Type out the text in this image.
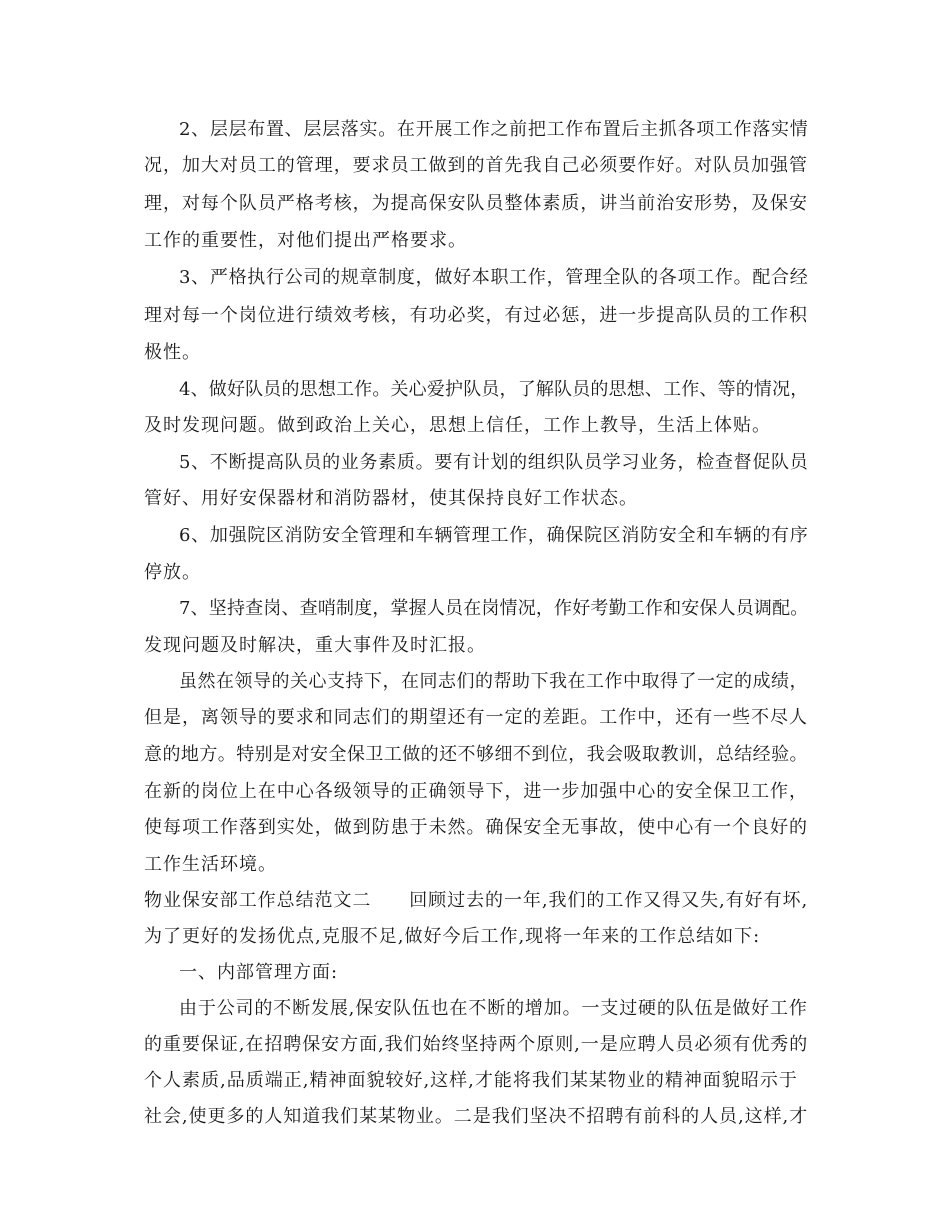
2、层层布置、层层落实。在开展工作之前把工作布置后主抓各项工作落实情
况，加大对员工的管理，要求员工做到的首先我自己必须要作好。对队员加强管
理，对每个队员严格考核，为提高保安队员整体素质，讲当前治安形势，及保安
工作的重要性，对他们提出严格要求。
3、严格执行公司的规章制度，做好本职工作，管理全队的各项工作。配合经
理对每一个岗位进行绩效考核，有功必奖，有过必惩，进一步提高队员的工作积
极性。
4、做好队员的思想工作。关心爱护队员，了解队员的思想、工作、等的情况，
及时发现问题。做到政治上关心，思想上信任，工作上教导，生活上体贴。
5、不断提高队员的业务素质。要有计划的组织队员学习业务，检查督促队员
管好、用好安保器材和消防器材，使其保持良好工作状态。
6、加强院区消防安全管理和车辆管理工作，确保院区消防安全和车辆的有序
停放。
7、坚持查岗、查哨制度，掌握人员在岗情况，作好考勤工作和安保人员调配。
发现问题及时解决，重大事件及时汇报。
虽然在领导的关心支持下，在同志们的帮助下我在工作中取得了一定的成绩，
但是，离领导的要求和同志们的期望还有一定的差距。工作中，还有一些不尽人
意的地方。特别是对安全保卫工做的还不够细不到位，我会吸取教训，总结经验。
在新的岗位上在中心各级领导的正确领导下，进一步加强中心的安全保卫工作，
使每项工作落到实处，做到防患于未然。确保安全无事故，使中心有一个良好的
工作生活环境。
物业保安部工作总结范文二　　回顾过去的一年,我们的工作又得又失,有好有坏,
为了更好的发扬优点,克服不足,做好今后工作,现将一年来的工作总结如下:
一、内部管理方面:
由于公司的不断发展,保安队伍也在不断的增加。一支过硬的队伍是做好工作
的重要保证,在招聘保安方面,我们始终坚持两个原则,一是应聘人员必须有优秀的
个人素质,品质端正,精神面貌较好,这样,才能将我们某某物业的精神面貌昭示于
社会,使更多的人知道我们某某物业。二是我们坚决不招聘有前科的人员,这样,才
